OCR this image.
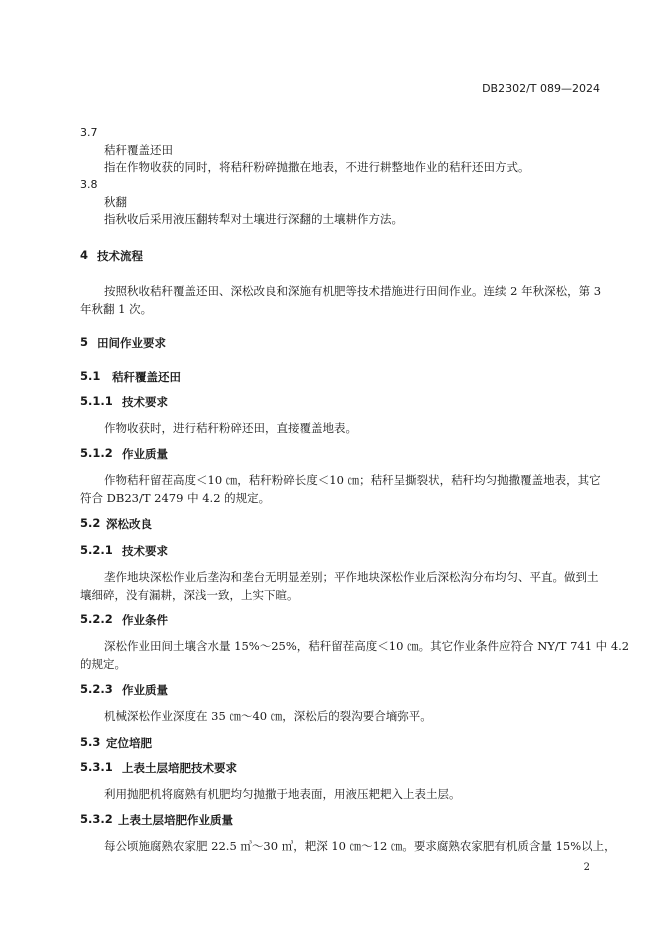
DB2302/T 089—2024
3.7
秸秆覆盖还田
指在作物收获的同时，将秸秆粉碎抛撒在地表，不进行耕整地作业的秸秆还田方式。
3.8
秋翻
指秋收后采用液压翻转犁对土壤进行深翻的土壤耕作方法。
4 技术流程
按照秋收秸秆覆盖还田、深松改良和深施有机肥等技术措施进行田间作业。连续 2 年秋深松，第 3
年秋翻 1 次。
5 田间作业要求
5.1 秸秆覆盖还田
5.1.1 技术要求
作物收获时，进行秸秆粉碎还田，直接覆盖地表。
5.1.2 作业质量
作物秸秆留茬高度＜10 ㎝，秸秆粉碎长度＜10 ㎝；秸秆呈撕裂状，秸秆均匀抛撒覆盖地表，其它
符合 DB23/T 2479 中 4.2 的规定。
5.2 深松改良
5.2.1 技术要求
垄作地块深松作业后垄沟和垄台无明显差别；平作地块深松作业后深松沟分布均匀、平直。做到土
壤细碎，没有漏耕，深浅一致，上实下暄。
5.2.2 作业条件
深松作业田间土壤含水量 15%～25%，秸秆留茬高度＜10 ㎝。其它作业条件应符合 NY/T 741 中 4.2
的规定。
5.2.3 作业质量
机械深松作业深度在 35 ㎝～40 ㎝，深松后的裂沟要合墒弥平。
5.3 定位培肥
5.3.1 上表土层培肥技术要求
利用抛肥机将腐熟有机肥均匀抛撒于地表面，用液压耙耙入上表土层。
5.3.2 上表土层培肥作业质量
每公顷施腐熟农家肥 22.5 ㎥～30 ㎥，耙深 10 ㎝～12 ㎝。要求腐熟农家肥有机质含量 15%以上，
2
